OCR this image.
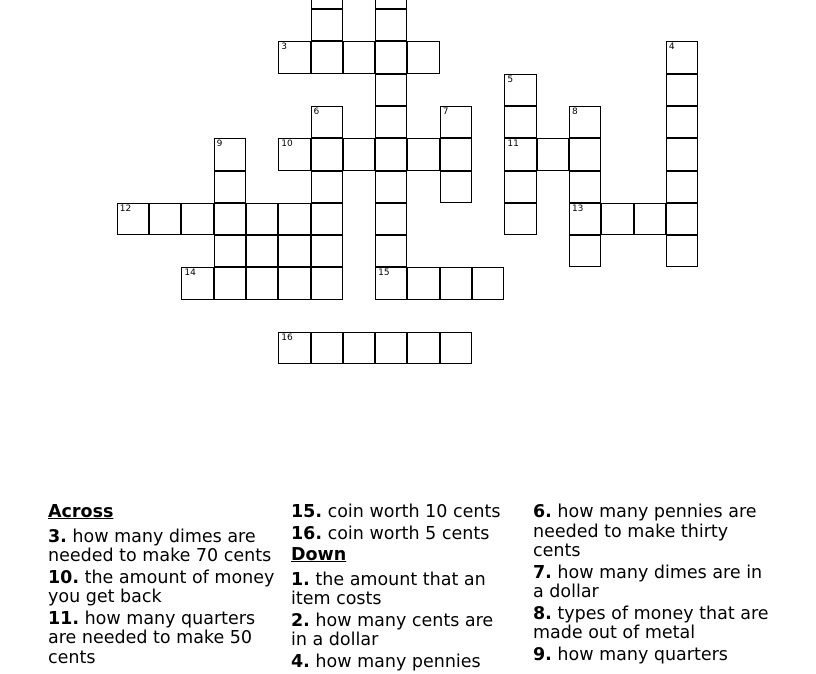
3	4
5
6	7	8
9	10	11
12	13
14	15
16
Across
3. how many dimes are needed to make 70 cents
10. the amount of money you get back
11. how many quarters are needed to make 50 cents
15. coin worth 10 cents
16. coin worth 5 cents
Down
1. the amount that an item costs
2. how many cents are in a dollar
4. how many pennies
6. how many pennies are needed to make thirty cents
7. how many dimes are in a dollar
8. types of money that are made out of metal
9. how many quarters
